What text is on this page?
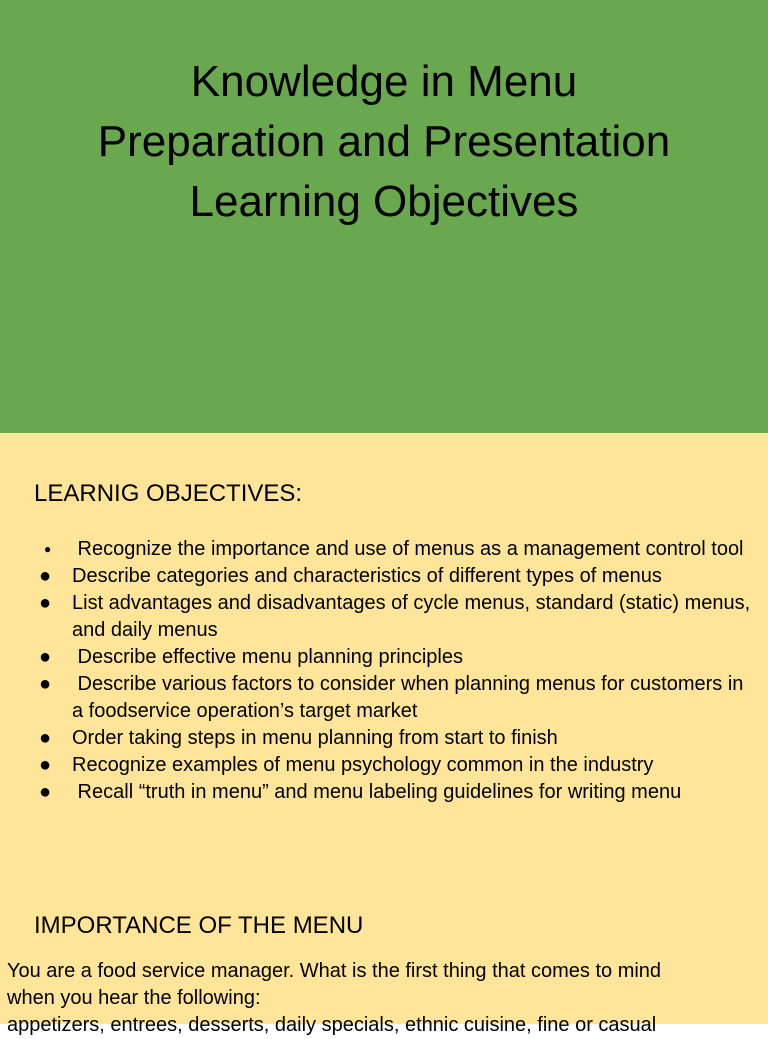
Knowledge in Menu
Preparation and Presentation
Learning Objectives
LEARNIG OBJECTIVES:
● Recognize the importance and use of menus as a management control tool
● Describe categories and characteristics of different types of menus
● List advantages and disadvantages of cycle menus, standard (static) menus, and daily menus
● Describe effective menu planning principles
● Describe various factors to consider when planning menus for customers in a foodservice operation’s target market
● Order taking steps in menu planning from start to finish
● Recognize examples of menu psychology common in the industry
● Recall “truth in menu” and menu labeling guidelines for writing menu
IMPORTANCE OF THE MENU
You are a food service manager. What is the first thing that comes to mind
when you hear the following:
appetizers, entrees, desserts, daily specials, ethnic cuisine, fine or casual
